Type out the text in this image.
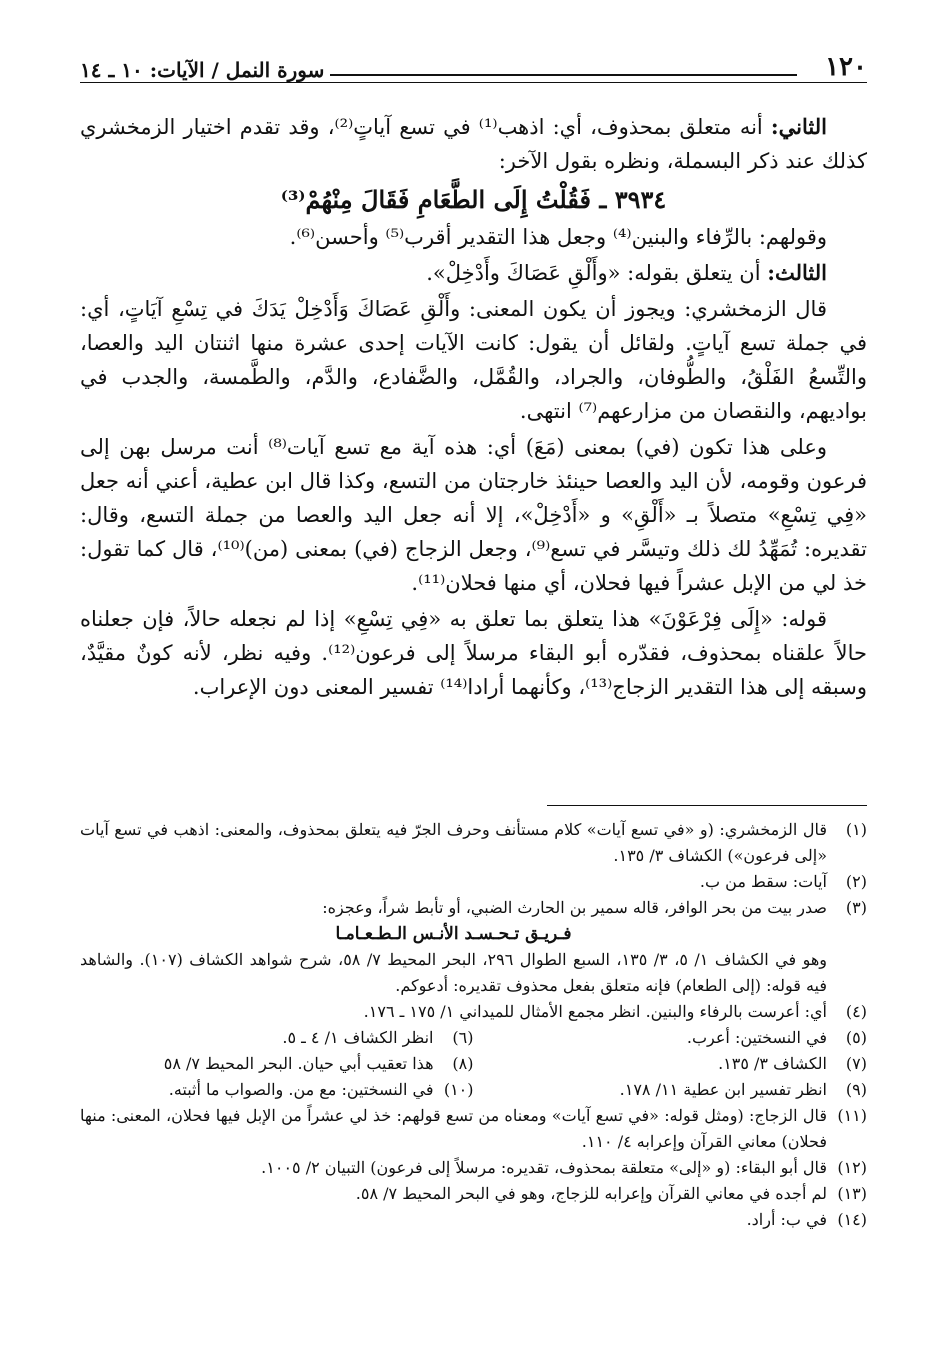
١٢٠
سورة النمل / الآيات: ١٠ ـ ١٤

الثاني: أنه متعلق بمحذوف، أي: اذهب⁽¹⁾ في تسع آياتٍ⁽²⁾، وقد تقدم اختيار الزمخشري كذلك عند ذكر البسملة، ونظره بقول الآخر:

٣٩٣٤ ـ فَقُلْتُ إِلَى الطَّعَامِ فَقَالَ مِنْهُمْ⁽³⁾

وقولهم: بالرِّفاء والبنين⁽⁴⁾ وجعل هذا التقدير أقرب⁽⁵⁾ وأحسن⁽⁶⁾.

الثالث: أن يتعلق بقوله: «وأَلْقِ عَصَاكَ وأَدْخِلْ».

قال الزمخشري: ويجوز أن يكون المعنى: وأَلْقِ عَصَاكَ وَأَدْخِلْ يَدَكَ في تِسْعِ آيَاتٍ، أي: في جملة تسع آياتٍ. ولقائل أن يقول: كانت الآيات إحدى عشرة منها اثنتان اليد والعصا، والتِّسعُ الفَلْقُ، والطُّوفان، والجراد، والقُمَّل، والضَّفادع، والدَّم، والطَّمسة، والجدب في بواديهم، والنقصان من مزارعهم⁽⁷⁾ انتهى.

وعلى هذا تكون (في) بمعنى (مَعَ) أي: هذه آية مع تسع آيات⁽⁸⁾ أنت مرسل بهن إلى فرعون وقومه، لأن اليد والعصا حينئذ خارجتان من التسع، وكذا قال ابن عطية، أعني أنه جعل «فِي تِسْعِ» متصلاً بـ «أَلْقِ» و «أَدْخِلْ»، إلا أنه جعل اليد والعصا من جملة التسع، وقال: تقديره: تُمَهِّدُ لك ذلك وتيسَّر في تسع⁽⁹⁾، وجعل الزجاج (في) بمعنى (من)⁽¹⁰⁾، قال كما تقول: خذ لي من الإبل عشراً فيها فحلان، أي منها فحلان⁽¹¹⁾.

قوله: «إِلَى فِرْعَوْنَ» هذا يتعلق بما تعلق به «فِي تِسْعِ» إذا لم نجعله حالاً، فإن جعلناه حالاً علقناه بمحذوف، فقدّره أبو البقاء مرسلاً إلى فرعون⁽¹²⁾. وفيه نظر، لأنه كونٌ مقيَّدٌ، وسبقه إلى هذا التقدير الزجاج⁽¹³⁾، وكأنهما أرادا⁽¹⁴⁾ تفسير المعنى دون الإعراب.

(١)
قال الزمخشري: (و «في تسع آيات» كلام مستأنف وحرف الجرّ فيه يتعلق بمحذوف، والمعنى: اذهب في تسع آيات «إلى فرعون») الكشاف ٣/ ١٣٥.
(٢)
آيات: سقط من ب.
(٣)
صدر بيت من بحر الوافر، قاله سمير بن الحارث الضبي، أو تأبط شراً، وعجزه:
فـريـق تـحـسـد الأنـس الـطـعـامـا
وهو في الكشاف ١/ ٥، ٣/ ١٣٥، السبع الطوال ٢٩٦، البحر المحيط ٧/ ٥٨، شرح شواهد الكشاف (١٠٧). والشاهد فيه قوله: (إلى الطعام) فإنه متعلق بفعل محذوف تقديره: أدعوكم.
(٤)
أي: أعرست بالرفاء والبنين. انظر مجمع الأمثال للميداني ١/ ١٧٥ ـ ١٧٦.
(٥)
في النسختين: أعرب.
(٦)
انظر الكشاف ١/ ٤ ـ ٥.
(٧)
الكشاف ٣/ ١٣٥.
(٨)
هذا تعقيب أبي حيان. البحر المحيط ٧/ ٥٨
(٩)
انظر تفسير ابن عطية ١١/ ١٧٨.
(١٠)
في النسختين: مع من. والصواب ما أثبته.
(١١)
قال الزجاج: (ومثل قوله: «في تسع آيات» ومعناه من تسع قولهم: خذ لي عشراً من الإبل فيها فحلان، المعنى: منها فحلان) معاني القرآن وإعرابه ٤/ ١١٠.
(١٢)
قال أبو البقاء: (و «إلى» متعلقة بمحذوف، تقديره: مرسلاً إلى فرعون) التبيان ٢/ ١٠٠٥.
(١٣)
لم أجده في معاني القرآن وإعرابه للزجاج، وهو في البحر المحيط ٧/ ٥٨.
(١٤)
في ب: أراد.
